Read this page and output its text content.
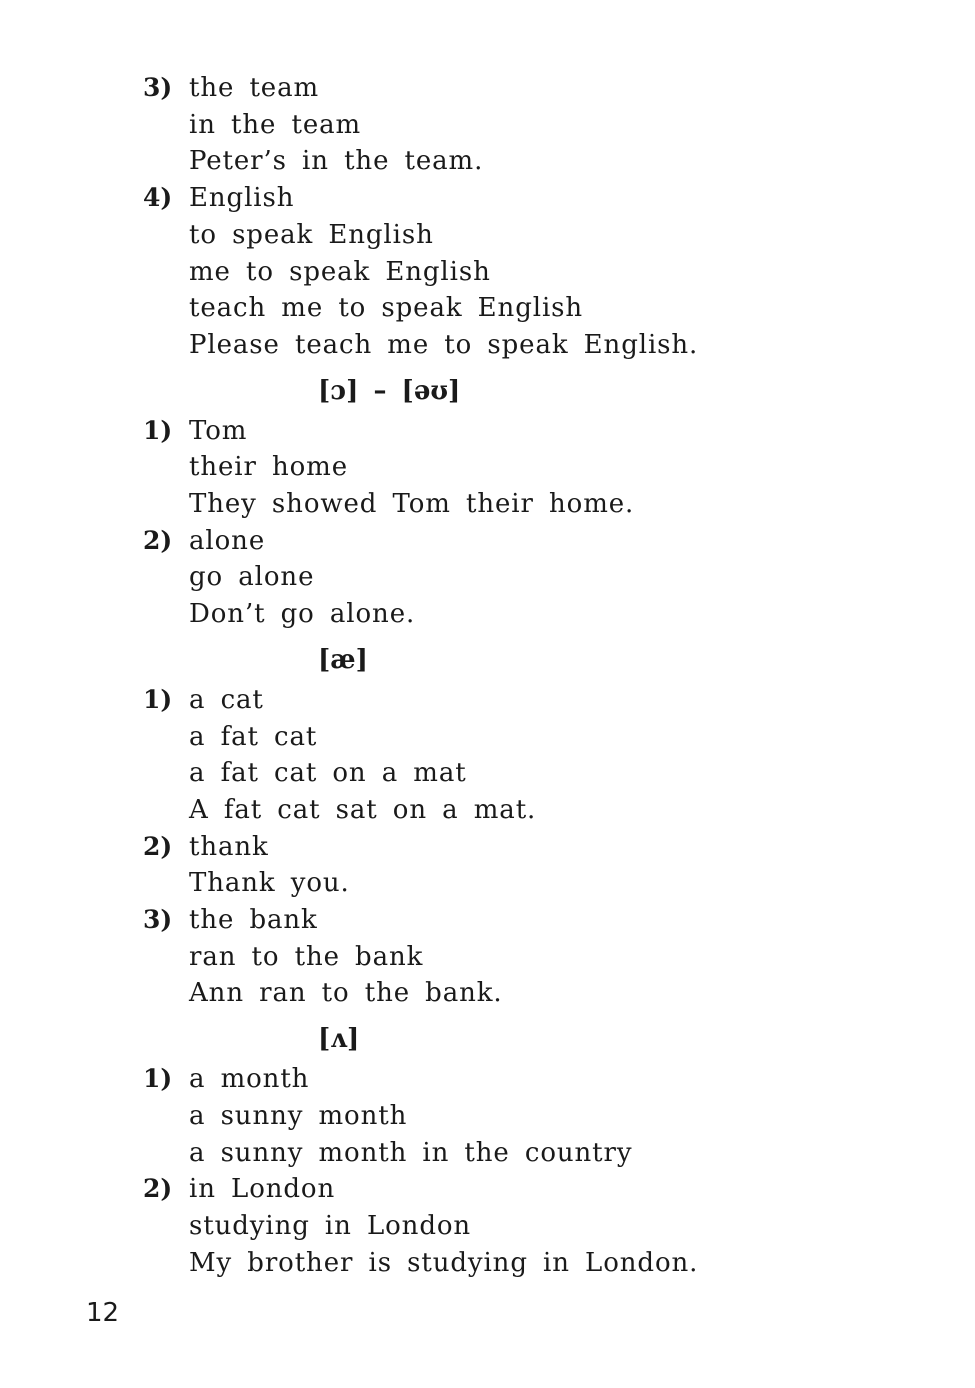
3) the team
in the team
Peter’s in the team.
4) English
to speak English
me to speak English
teach me to speak English
Please teach me to speak English.
[ɔ] – [əʊ]
1) Tom
their home
They showed Tom their home.
2) alone
go alone
Don’t go alone.
[æ]
1) a cat
a fat cat
a fat cat on a mat
A fat cat sat on a mat.
2) thank
Thank you.
3) the bank
ran to the bank
Ann ran to the bank.
[ʌ]
1) a month
a sunny month
a sunny month in the country
2) in London
studying in London
My brother is studying in London.
12
